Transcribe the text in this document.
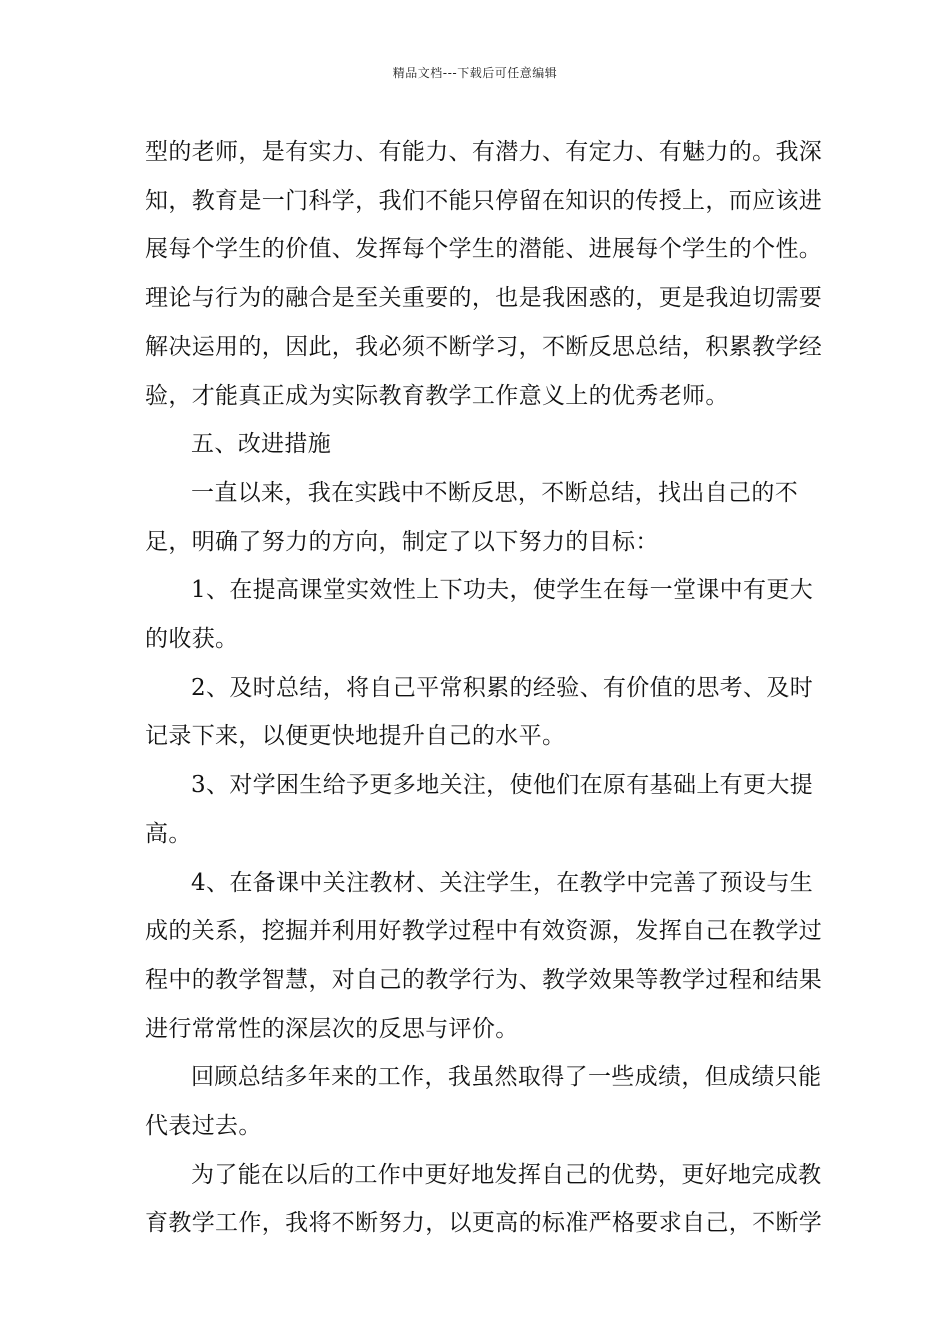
精品文档---下载后可任意编辑

型的老师，是有实力、有能力、有潜力、有定力、有魅力的。我深知，教育是一门科学，我们不能只停留在知识的传授上，而应该进展每个学生的价值、发挥每个学生的潜能、进展每个学生的个性。理论与行为的融合是至关重要的，也是我困惑的，更是我迫切需要解决运用的，因此，我必须不断学习，不断反思总结，积累教学经验，才能真正成为实际教育教学工作意义上的优秀老师。

五、改进措施

一直以来，我在实践中不断反思，不断总结，找出自己的不足，明确了努力的方向，制定了以下努力的目标：

1、在提高课堂实效性上下功夫，使学生在每一堂课中有更大的收获。

2、及时总结，将自己平常积累的经验、有价值的思考、及时记录下来，以便更快地提升自己的水平。

3、对学困生给予更多地关注，使他们在原有基础上有更大提高。

4、在备课中关注教材、关注学生，在教学中完善了预设与生成的关系，挖掘并利用好教学过程中有效资源，发挥自己在教学过程中的教学智慧，对自己的教学行为、教学效果等教学过程和结果进行常常性的深层次的反思与评价。

回顾总结多年来的工作，我虽然取得了一些成绩，但成绩只能代表过去。

为了能在以后的工作中更好地发挥自己的优势，更好地完成教育教学工作，我将不断努力，以更高的标准严格要求自己，不断学
